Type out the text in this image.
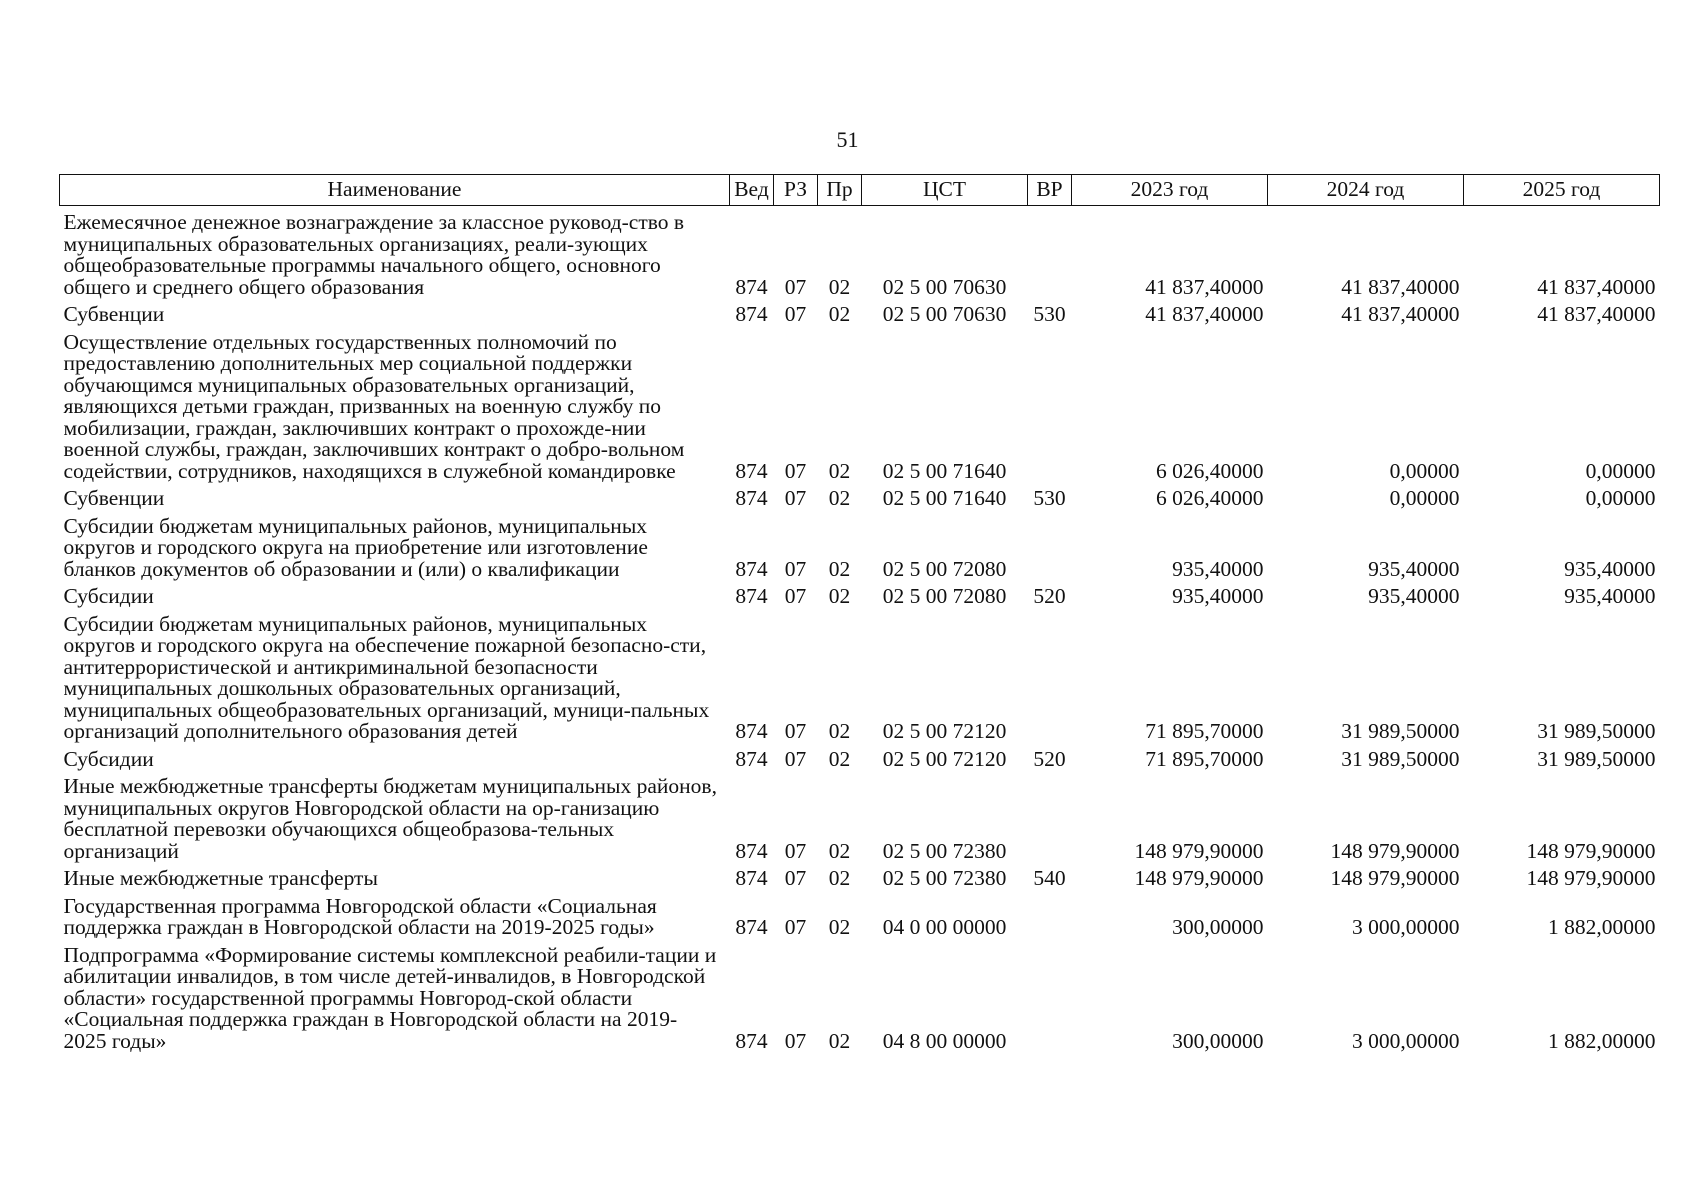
51
Наименование	Вед	РЗ	Пр	ЦСТ	ВР	2023 год	2024 год	2025 год
Ежемесячное денежное вознаграждение за классное руковод-ство в муниципальных образовательных организациях, реали-зующих общеобразовательные программы начального общего, основного общего и среднего общего образования	874	07	02	02 5 00 70630		41 837,40000	41 837,40000	41 837,40000
Субвенции	874	07	02	02 5 00 70630	530	41 837,40000	41 837,40000	41 837,40000
Осуществление отдельных государственных полномочий по предоставлению дополнительных мер социальной поддержки обучающимся муниципальных образовательных организаций, являющихся детьми граждан, призванных на военную службу по мобилизации, граждан, заключивших контракт о прохожде-нии военной службы, граждан, заключивших контракт о добро-вольном содействии, сотрудников, находящихся в служебной командировке	874	07	02	02 5 00 71640		6 026,40000	0,00000	0,00000
Субвенции	874	07	02	02 5 00 71640	530	6 026,40000	0,00000	0,00000
Субсидии бюджетам муниципальных районов, муниципальных округов и городского округа на приобретение или изготовление бланков документов об образовании и (или) о квалификации	874	07	02	02 5 00 72080		935,40000	935,40000	935,40000
Субсидии	874	07	02	02 5 00 72080	520	935,40000	935,40000	935,40000
Субсидии бюджетам муниципальных районов, муниципальных округов и городского округа на обеспечение пожарной безопасно-сти, антитеррористической и антикриминальной безопасности муниципальных дошкольных образовательных организаций, муниципальных общеобразовательных организаций, муници-пальных организаций дополнительного образования детей	874	07	02	02 5 00 72120		71 895,70000	31 989,50000	31 989,50000
Субсидии	874	07	02	02 5 00 72120	520	71 895,70000	31 989,50000	31 989,50000
Иные межбюджетные трансферты бюджетам муниципальных районов, муниципальных округов Новгородской области на ор-ганизацию бесплатной перевозки обучающихся общеобразова-тельных организаций	874	07	02	02 5 00 72380		148 979,90000	148 979,90000	148 979,90000
Иные межбюджетные трансферты	874	07	02	02 5 00 72380	540	148 979,90000	148 979,90000	148 979,90000
Государственная программа Новгородской области «Социальная поддержка граждан в Новгородской области на 2019-2025 годы»	874	07	02	04 0 00 00000		300,00000	3 000,00000	1 882,00000
Подпрограмма «Формирование системы комплексной реабили-тации и абилитации инвалидов, в том числе детей-инвалидов, в Новгородской области» государственной программы Новгород-ской области «Социальная поддержка граждан в Новгородской области на 2019-2025 годы»	874	07	02	04 8 00 00000		300,00000	3 000,00000	1 882,00000
